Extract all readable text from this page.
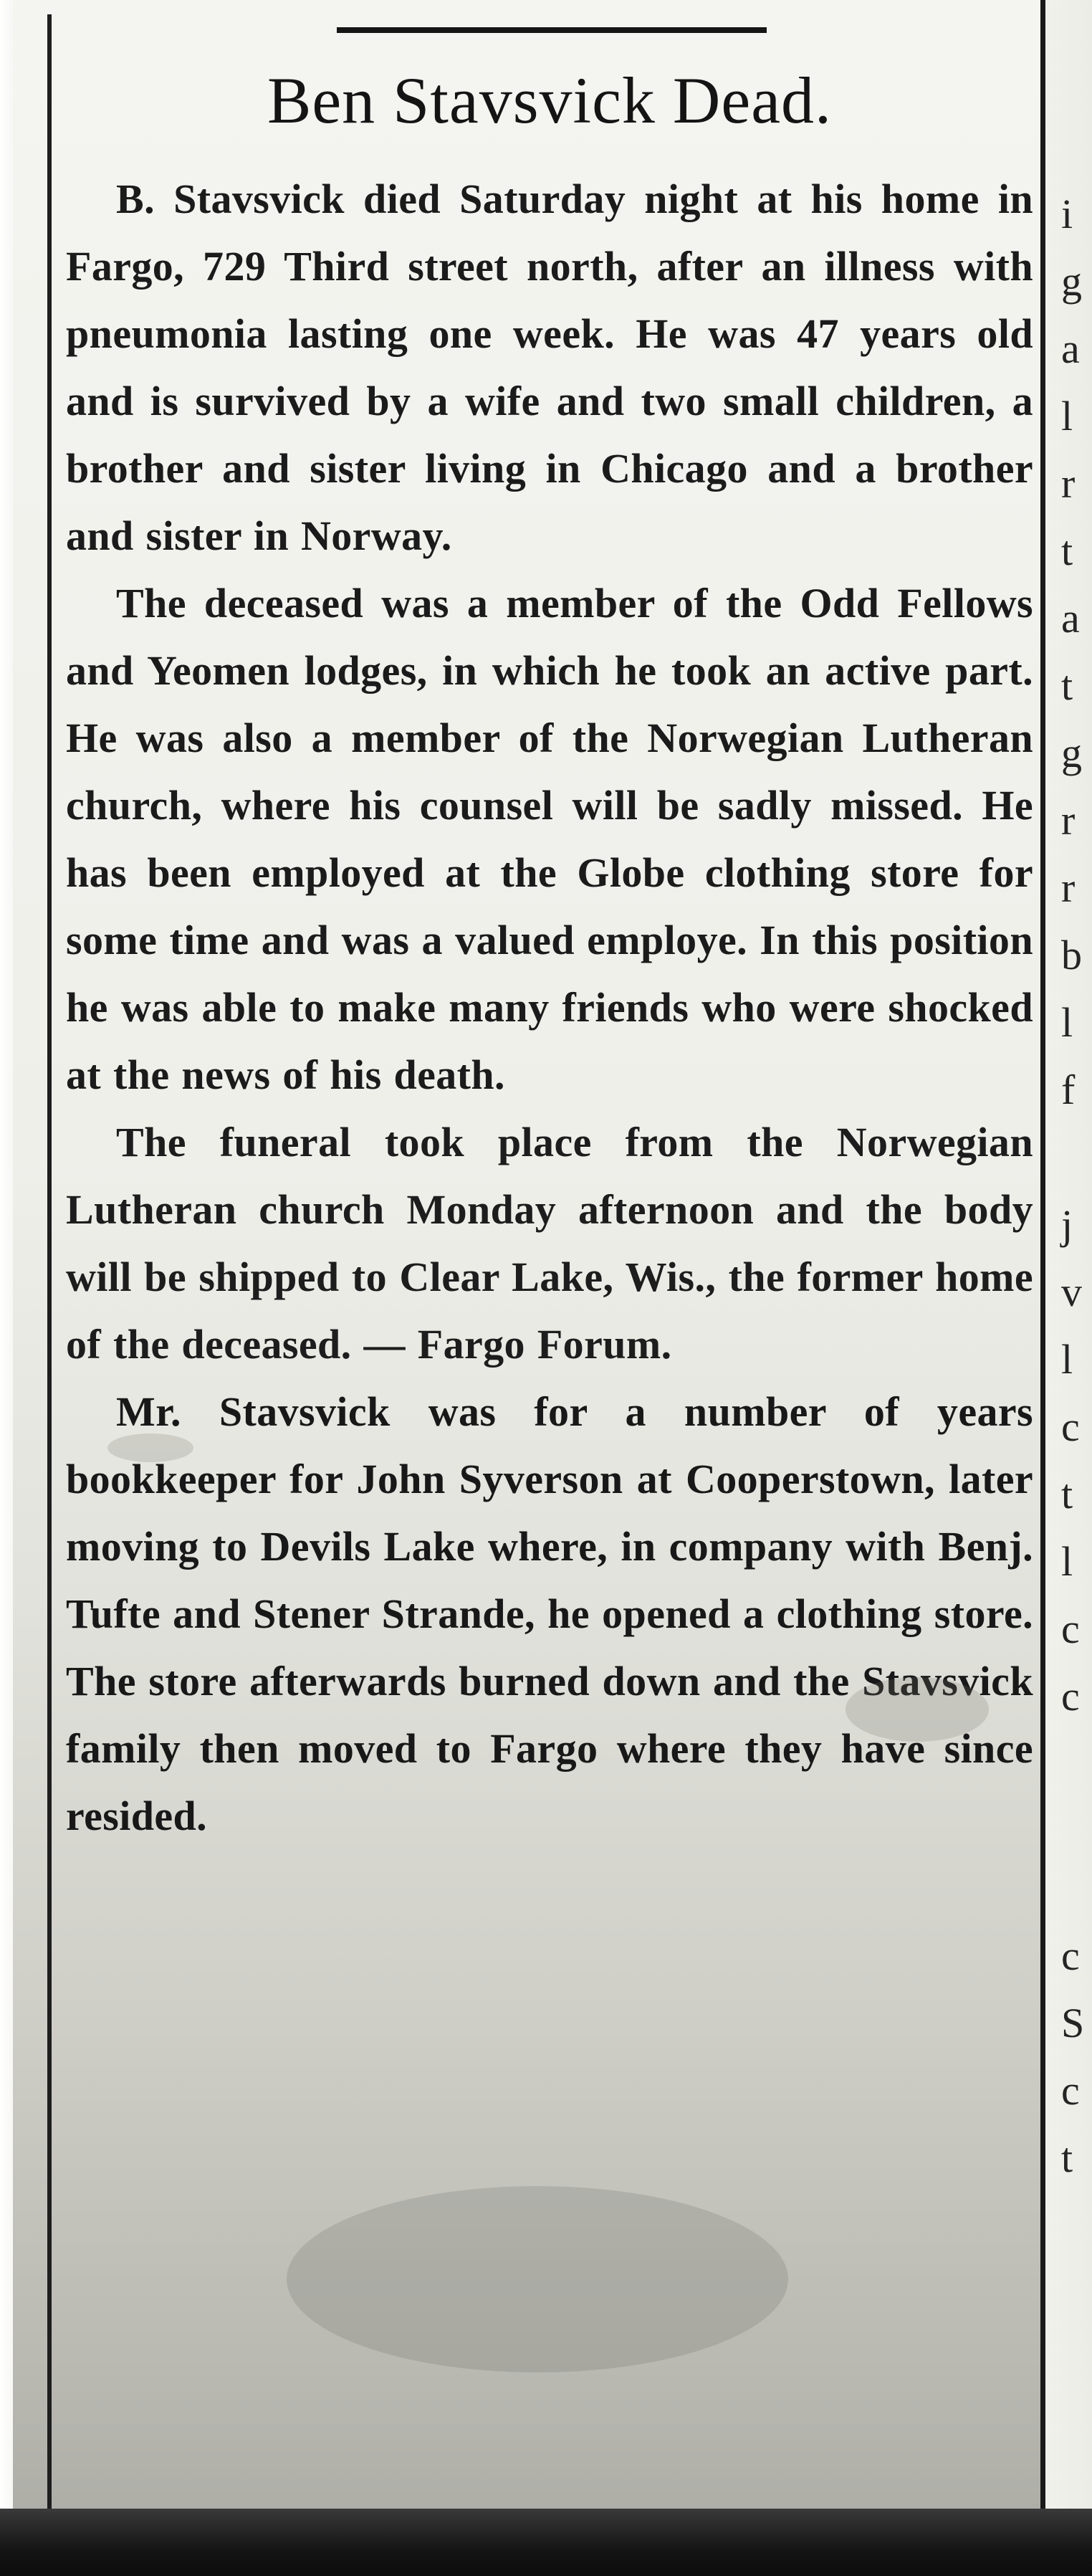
i
g
a
l
r
t
a
t
g
r
r
b
l
f
j
v
l
c
t
l
c
c
c
S
c
t
Ben Stavsvick Dead.

B. Stavsvick died Saturday night at his home in Fargo, 729 Third street north, after an illness with pneumonia lasting one week. He was 47 years old and is survived by a wife and two small children, a brother and sister living in Chicago and a brother and sister in Norway.

The deceased was a member of the Odd Fellows and Yeomen lodges, in which he took an active part. He was also a member of the Norwegian Lutheran church, where his counsel will be sadly missed. He has been employed at the Globe clothing store for some time and was a valued employe. In this position he was able to make many friends who were shocked at the news of his death.

The funeral took place from the Norwegian Lutheran church Monday afternoon and the body will be shipped to Clear Lake, Wis., the former home of the deceased. — Fargo Forum.

Mr. Stavsvick was for a number of years bookkeeper for John Syverson at Cooperstown, later moving to Devils Lake where, in company with Benj. Tufte and Stener Strande, he opened a clothing store. The store afterwards burned down and the Stavsvick family then moved to Fargo where they have since resided.
